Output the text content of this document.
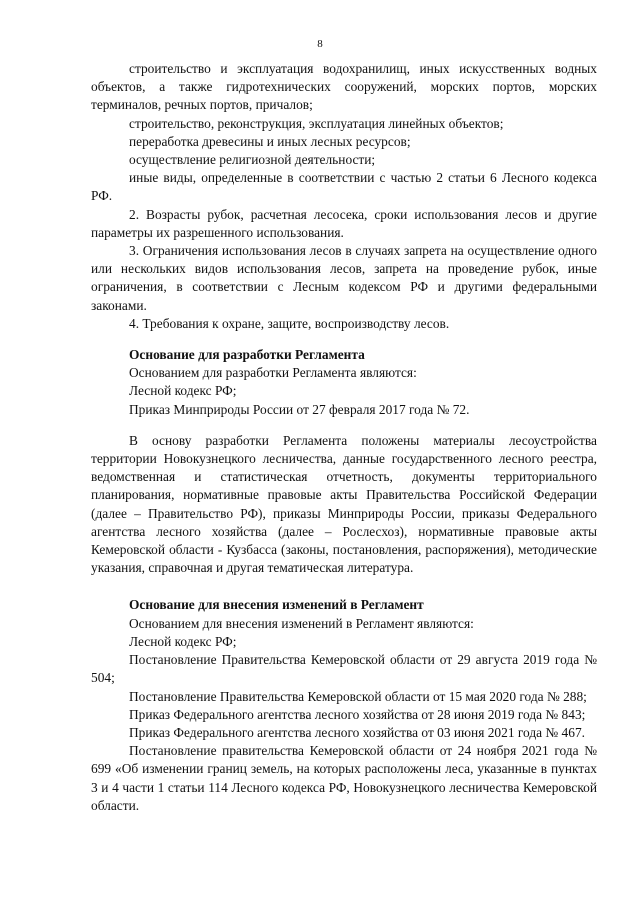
8

строительство и эксплуатация водохранилищ, иных искусственных водных объектов, а также гидротехнических сооружений, морских портов, морских терминалов, речных портов, причалов;

строительство, реконструкция, эксплуатация линейных объектов;

переработка древесины и иных лесных ресурсов;

осуществление религиозной деятельности;

иные виды, определенные в соответствии с частью 2 статьи 6 Лесного кодекса РФ.

2. Возрасты рубок, расчетная лесосека, сроки использования лесов и другие параметры их разрешенного использования.

3. Ограничения использования лесов в случаях запрета на осуществление одного или нескольких видов использования лесов, запрета на проведение рубок, иные ограничения, в соответствии с Лесным кодексом РФ и другими федеральными законами.

4. Требования к охране, защите, воспроизводству лесов.

Основание для разработки Регламента

Основанием для разработки Регламента являются:

Лесной кодекс РФ;

Приказ Минприроды России от 27 февраля 2017 года № 72.

В основу разработки Регламента положены материалы лесоустройства территории Новокузнецкого лесничества, данные государственного лесного реестра, ведомственная и статистическая отчетность, документы территориального планирования, нормативные правовые акты Правительства Российской Федерации (далее – Правительство РФ), приказы Минприроды России, приказы Федерального агентства лесного хозяйства (далее – Рослесхоз), нормативные правовые акты Кемеровской области - Кузбасса (законы, постановления, распоряжения), методические указания, справочная и другая тематическая литература.

Основание для внесения изменений в Регламент

Основанием для внесения изменений в Регламент являются:

Лесной кодекс РФ;

Постановление Правительства Кемеровской области от 29 августа 2019 года № 504;

Постановление Правительства Кемеровской области от 15 мая 2020 года № 288;

Приказ Федерального агентства лесного хозяйства от 28 июня 2019 года № 843;

Приказ Федерального агентства лесного хозяйства от 03 июня 2021 года № 467.

Постановление правительства Кемеровской области от 24 ноября 2021 года № 699 «Об изменении границ земель, на которых расположены леса, указанные в пунктах 3 и 4 части 1 статьи 114 Лесного кодекса РФ, Новокузнецкого лесничества Кемеровской области.
